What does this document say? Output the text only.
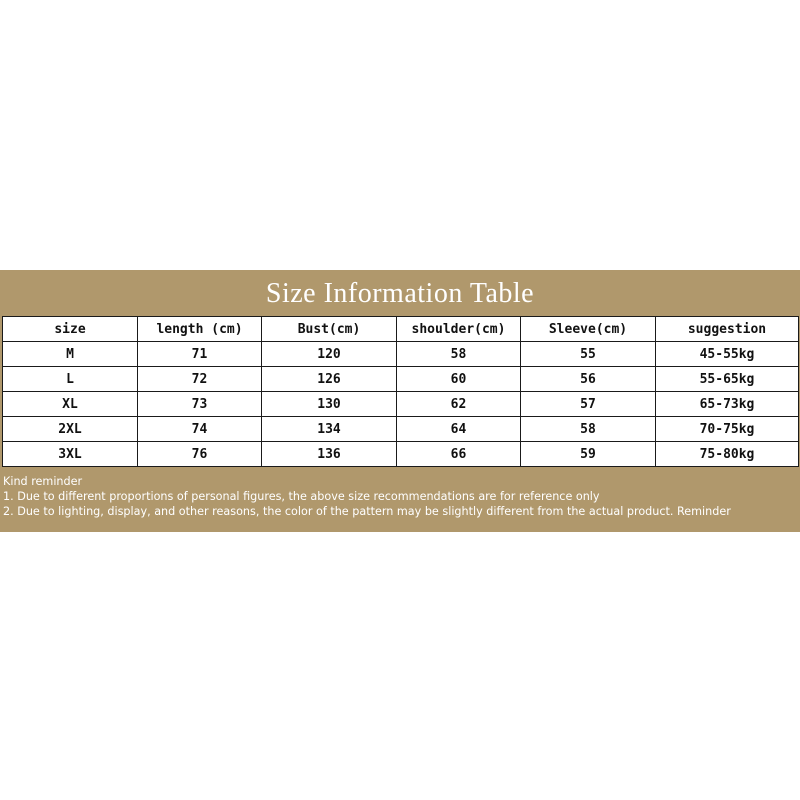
Size Information Table
size	length (cm)	Bust(cm)	shoulder(cm)	Sleeve(cm)	suggestion
M	71	120	58	55	45-55kg
L	72	126	60	56	55-65kg
XL	73	130	62	57	65-73kg
2XL	74	134	64	58	70-75kg
3XL	76	136	66	59	75-80kg
Kind reminder
1. Due to different proportions of personal figures, the above size recommendations are for reference only
2. Due to lighting, display, and other reasons, the color of the pattern may be slightly different from the actual product. Reminder
